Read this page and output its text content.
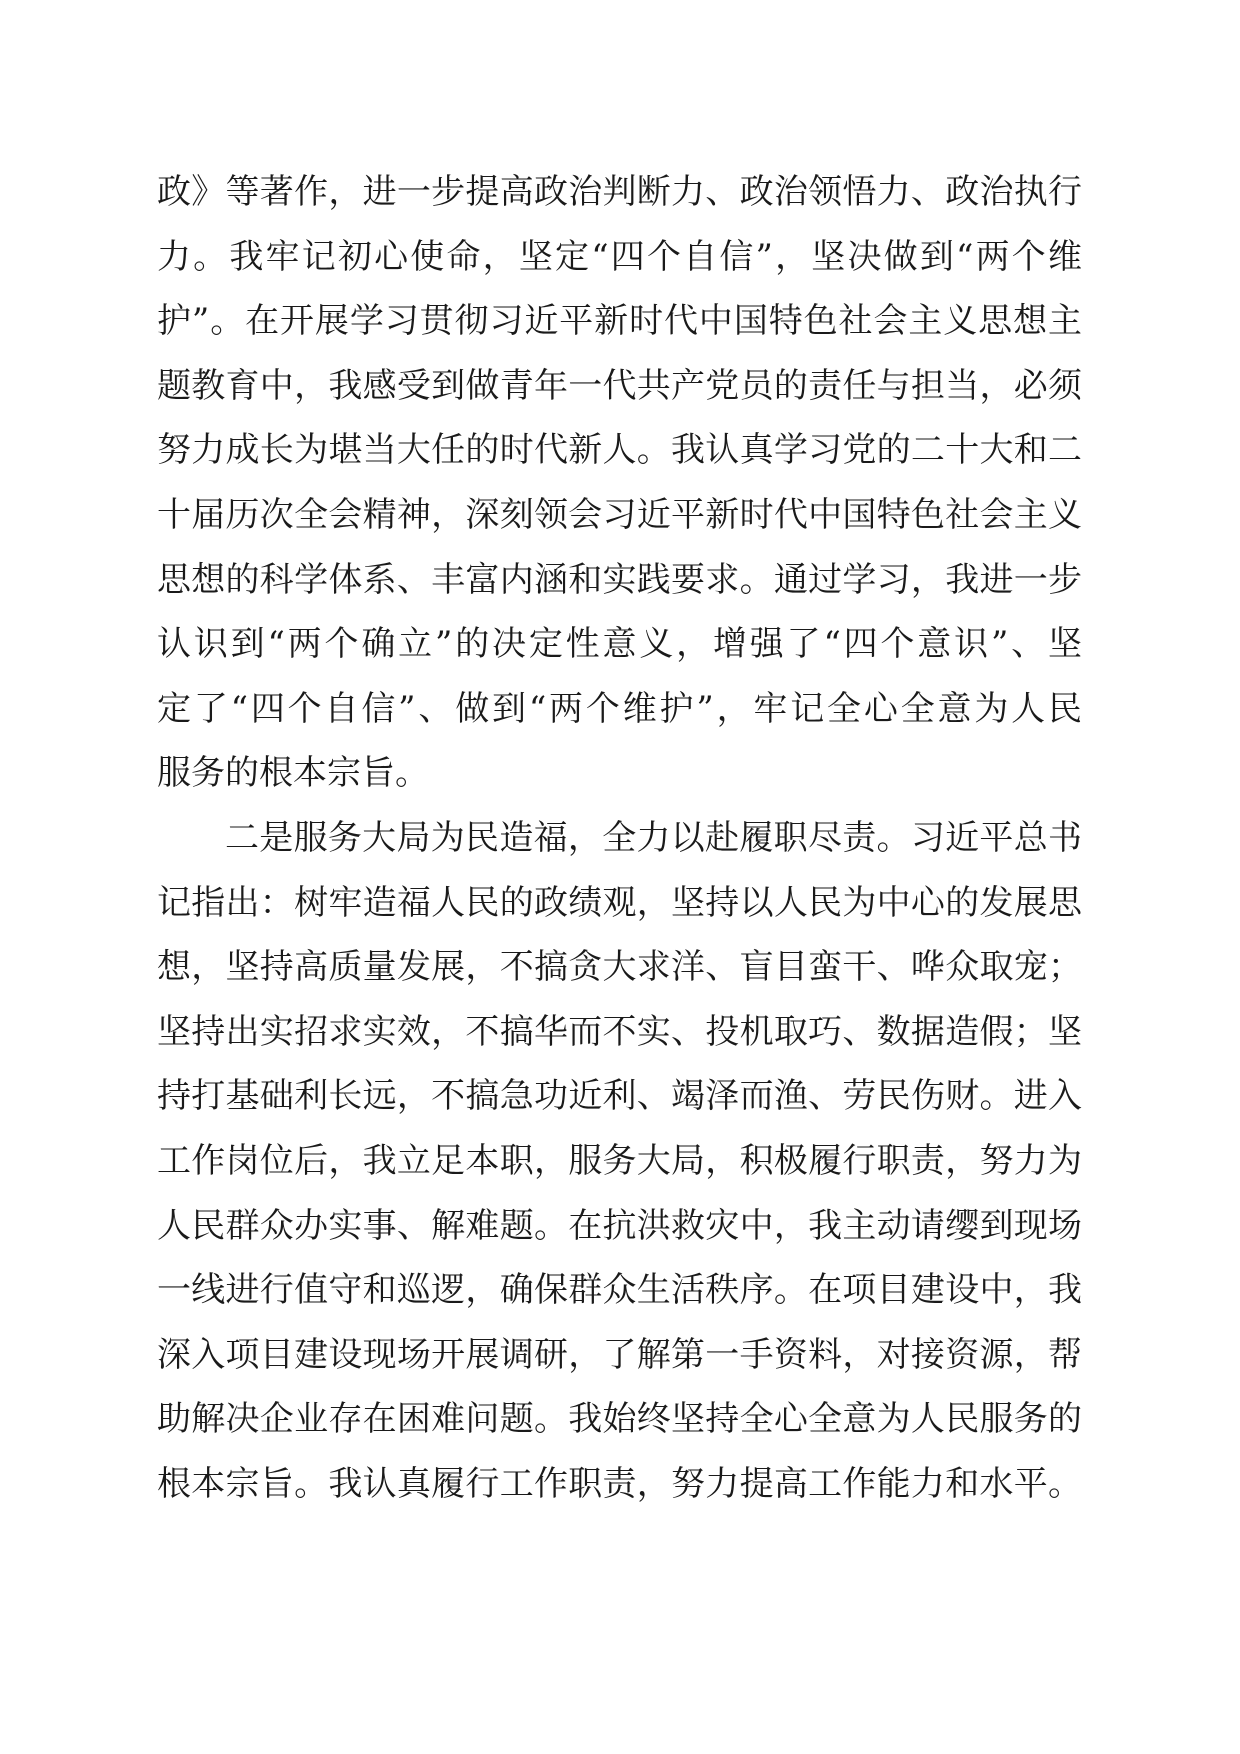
政》等著作，进一步提高政治判断力、政治领悟力、政治执行
力。我牢记初心使命，坚定“四个自信”，坚决做到“两个维
护”。在开展学习贯彻习近平新时代中国特色社会主义思想主
题教育中，我感受到做青年一代共产党员的责任与担当，必须
努力成长为堪当大任的时代新人。我认真学习党的二十大和二
十届历次全会精神，深刻领会习近平新时代中国特色社会主义
思想的科学体系、丰富内涵和实践要求。通过学习，我进一步
认识到“两个确立”的决定性意义，增强了“四个意识”、坚
定了“四个自信”、做到“两个维护”，牢记全心全意为人民
服务的根本宗旨。
二是服务大局为民造福，全力以赴履职尽责。习近平总书
记指出：树牢造福人民的政绩观，坚持以人民为中心的发展思
想，坚持高质量发展，不搞贪大求洋、盲目蛮干、哗众取宠；
坚持出实招求实效，不搞华而不实、投机取巧、数据造假；坚
持打基础利长远，不搞急功近利、竭泽而渔、劳民伤财。进入
工作岗位后，我立足本职，服务大局，积极履行职责，努力为
人民群众办实事、解难题。在抗洪救灾中，我主动请缨到现场
一线进行值守和巡逻，确保群众生活秩序。在项目建设中，我
深入项目建设现场开展调研，了解第一手资料，对接资源，帮
助解决企业存在困难问题。我始终坚持全心全意为人民服务的
根本宗旨。我认真履行工作职责，努力提高工作能力和水平。
